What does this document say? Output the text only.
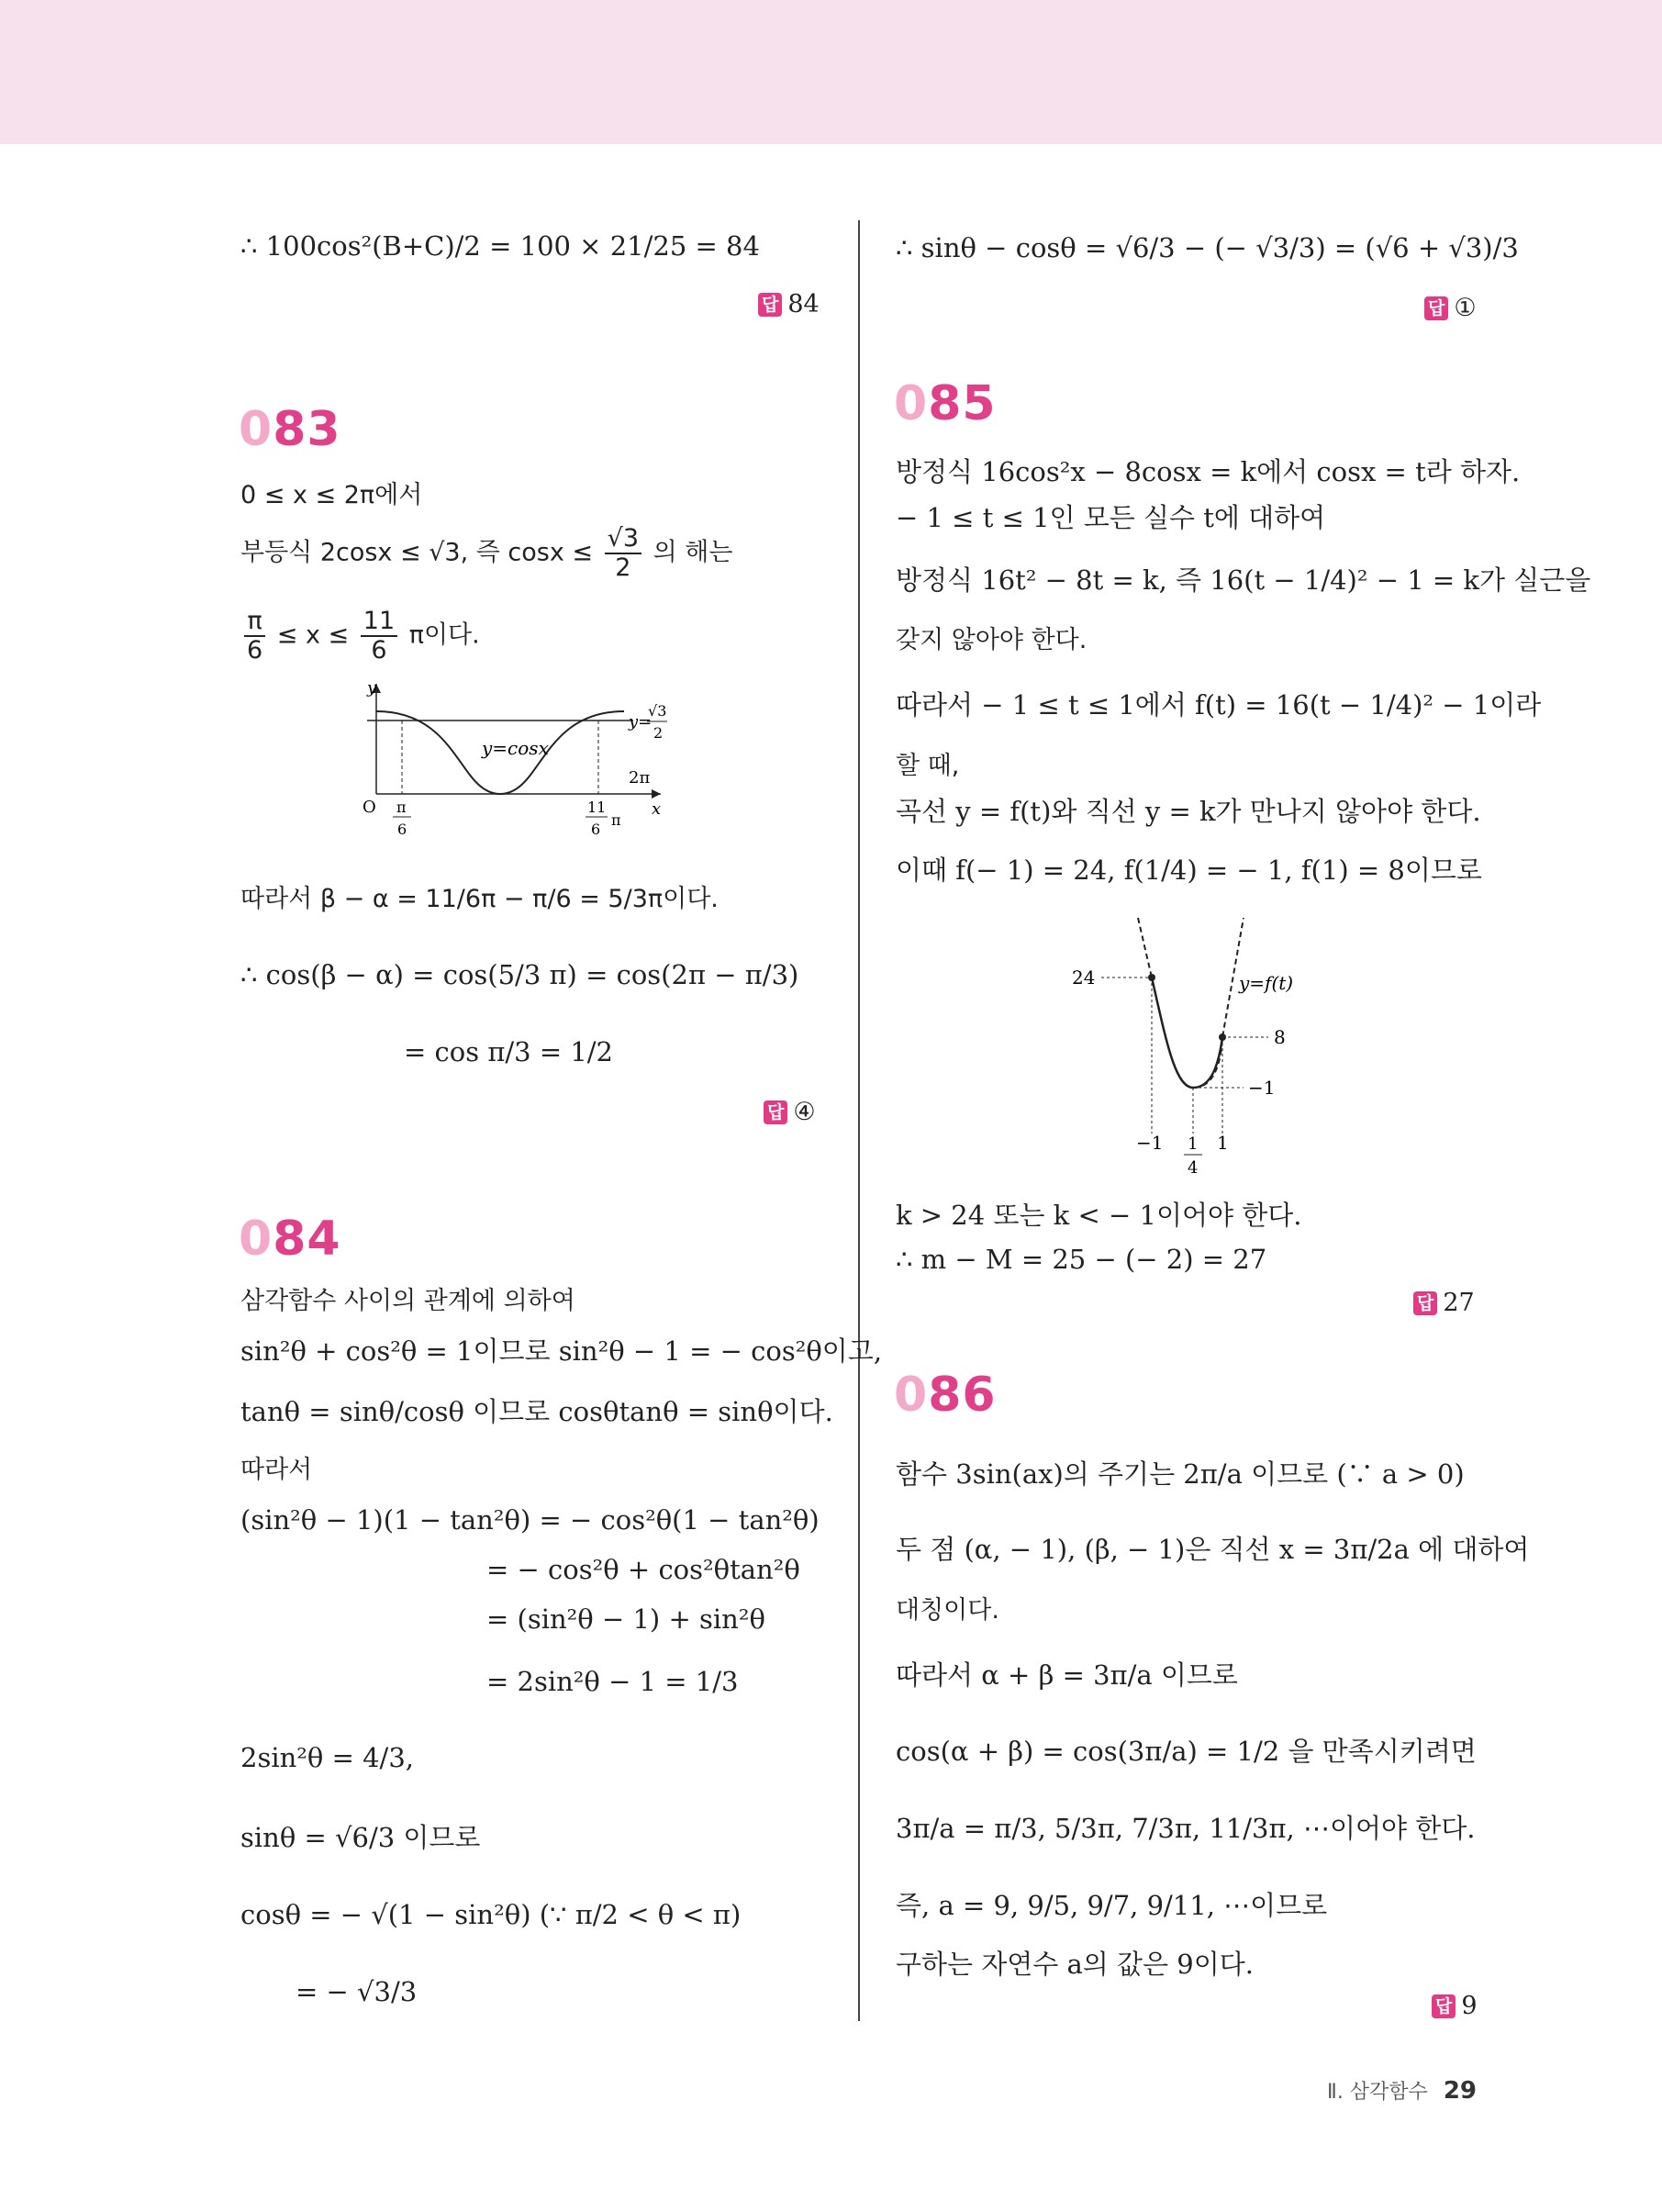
∴ 100cos²(B+C)/2 = 100 × 21/25 = 84
답 84
083
0 ≤ x ≤ 2π에서
부등식 2cosx ≤ √3, 즉 $\cos x \le \frac{√3}{2}$ 의 해는
$\frac{\pi}{6} \le x \le \frac{11}{6}$ π이다.
y
x
O
y=cosx
y=
√3
2
2π
π
6
11
6
π
따라서 β − α = 11/6π − π/6 = 5/3π이다.
∴ cos(β − α) = cos(5/3 π) = cos(2π − π/3)
= cos π/3 = 1/2
답 ④
084
삼각함수 사이의 관계에 의하여
sin²θ + cos²θ = 1이므로 sin²θ − 1 = − cos²θ이고,
tanθ = sinθ/cosθ 이므로 cosθtanθ = sinθ이다.
따라서
(sin²θ − 1)(1 − tan²θ) = − cos²θ(1 − tan²θ)
= − cos²θ + cos²θtan²θ
= (sin²θ − 1) + sin²θ
= 2sin²θ − 1 = 1/3
2sin²θ = 4/3,
sinθ = √6/3 이므로
cosθ = − √(1 − sin²θ) (∵ π/2 < θ < π)
= − √3/3
∴ sinθ − cosθ = √6/3 − (− √3/3) = (√6 + √3)/3
답 ①
085
방정식 16cos²x − 8cosx = k에서 cosx = t라 하자.
− 1 ≤ t ≤ 1인 모든 실수 t에 대하여
방정식 16t² − 8t = k, 즉 16(t − 1/4)² − 1 = k가 실근을
갖지 않아야 한다.
따라서 − 1 ≤ t ≤ 1에서 f(t) = 16(t − 1/4)² − 1이라
할 때,
곡선 y = f(t)와 직선 y = k가 만나지 않아야 한다.
이때 f(− 1) = 24, f(1/4) = − 1, f(1) = 8이므로
24
8
−1
y=f(t)
−1 1
4
1
k > 24 또는 k < − 1이어야 한다.
∴ m − M = 25 − (− 2) = 27
답 27
086
함수 3sin(ax)의 주기는 2π/a 이므로 (∵ a > 0)
두 점 (α, − 1), (β, − 1)은 직선 x = 3π/2a 에 대하여
대칭이다.
따라서 α + β = 3π/a 이므로
cos(α + β) = cos(3π/a) = 1/2 을 만족시키려면
3π/a = π/3, 5/3π, 7/3π, 11/3π, ⋯이어야 한다.
즉, a = 9, 9/5, 9/7, 9/11, ⋯이므로
구하는 자연수 a의 값은 9이다.
답 9
Ⅱ. 삼각함수 29
